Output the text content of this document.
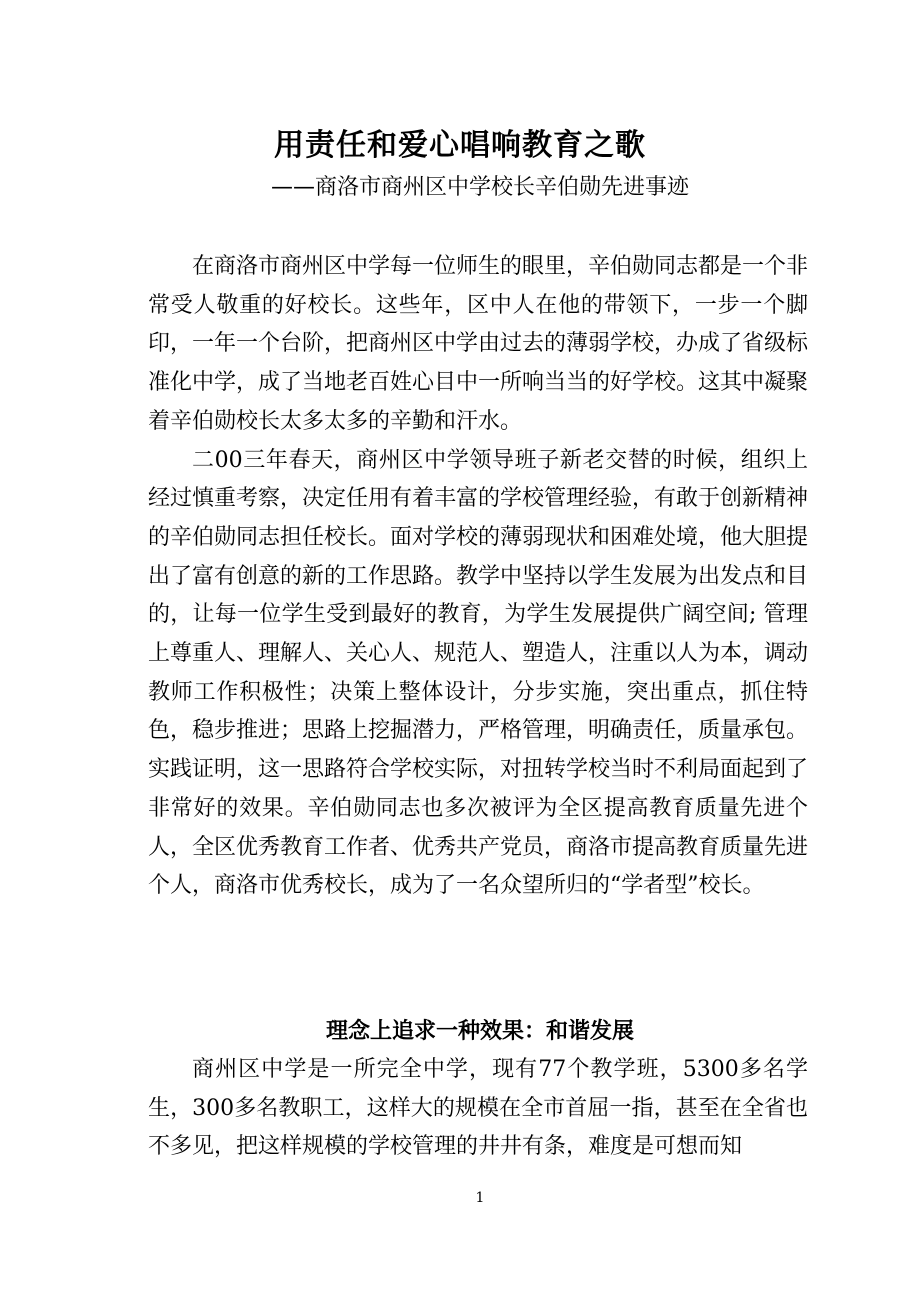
用责任和爱心唱响教育之歌
——商洛市商州区中学校长辛伯勋先进事迹

在商洛市商州区中学每一位师生的眼里，辛伯勋同志都是一个非常受人敬重的好校长。这些年，区中人在他的带领下，一步一个脚印，一年一个台阶，把商州区中学由过去的薄弱学校，办成了省级标准化中学，成了当地老百姓心目中一所响当当的好学校。这其中凝聚着辛伯勋校长太多太多的辛勤和汗水。

二00三年春天，商州区中学领导班子新老交替的时候，组织上经过慎重考察，决定任用有着丰富的学校管理经验，有敢于创新精神的辛伯勋同志担任校长。面对学校的薄弱现状和困难处境，他大胆提出了富有创意的新的工作思路。教学中坚持以学生发展为出发点和目的，让每一位学生受到最好的教育，为学生发展提供广阔空间; 管理上尊重人、理解人、关心人、规范人、塑造人，注重以人为本，调动教师工作积极性；决策上整体设计，分步实施，突出重点，抓住特色，稳步推进；思路上挖掘潜力，严格管理，明确责任，质量承包。实践证明，这一思路符合学校实际，对扭转学校当时不利局面起到了非常好的效果。辛伯勋同志也多次被评为全区提高教育质量先进个人，全区优秀教育工作者、优秀共产党员，商洛市提高教育质量先进个人，商洛市优秀校长，成为了一名众望所归的“学者型”校长。

理念上追求一种效果：和谐发展

商州区中学是一所完全中学，现有77个教学班，5300多名学生，300多名教职工，这样大的规模在全市首屈一指，甚至在全省也不多见，把这样规模的学校管理的井井有条，难度是可想而知

1
